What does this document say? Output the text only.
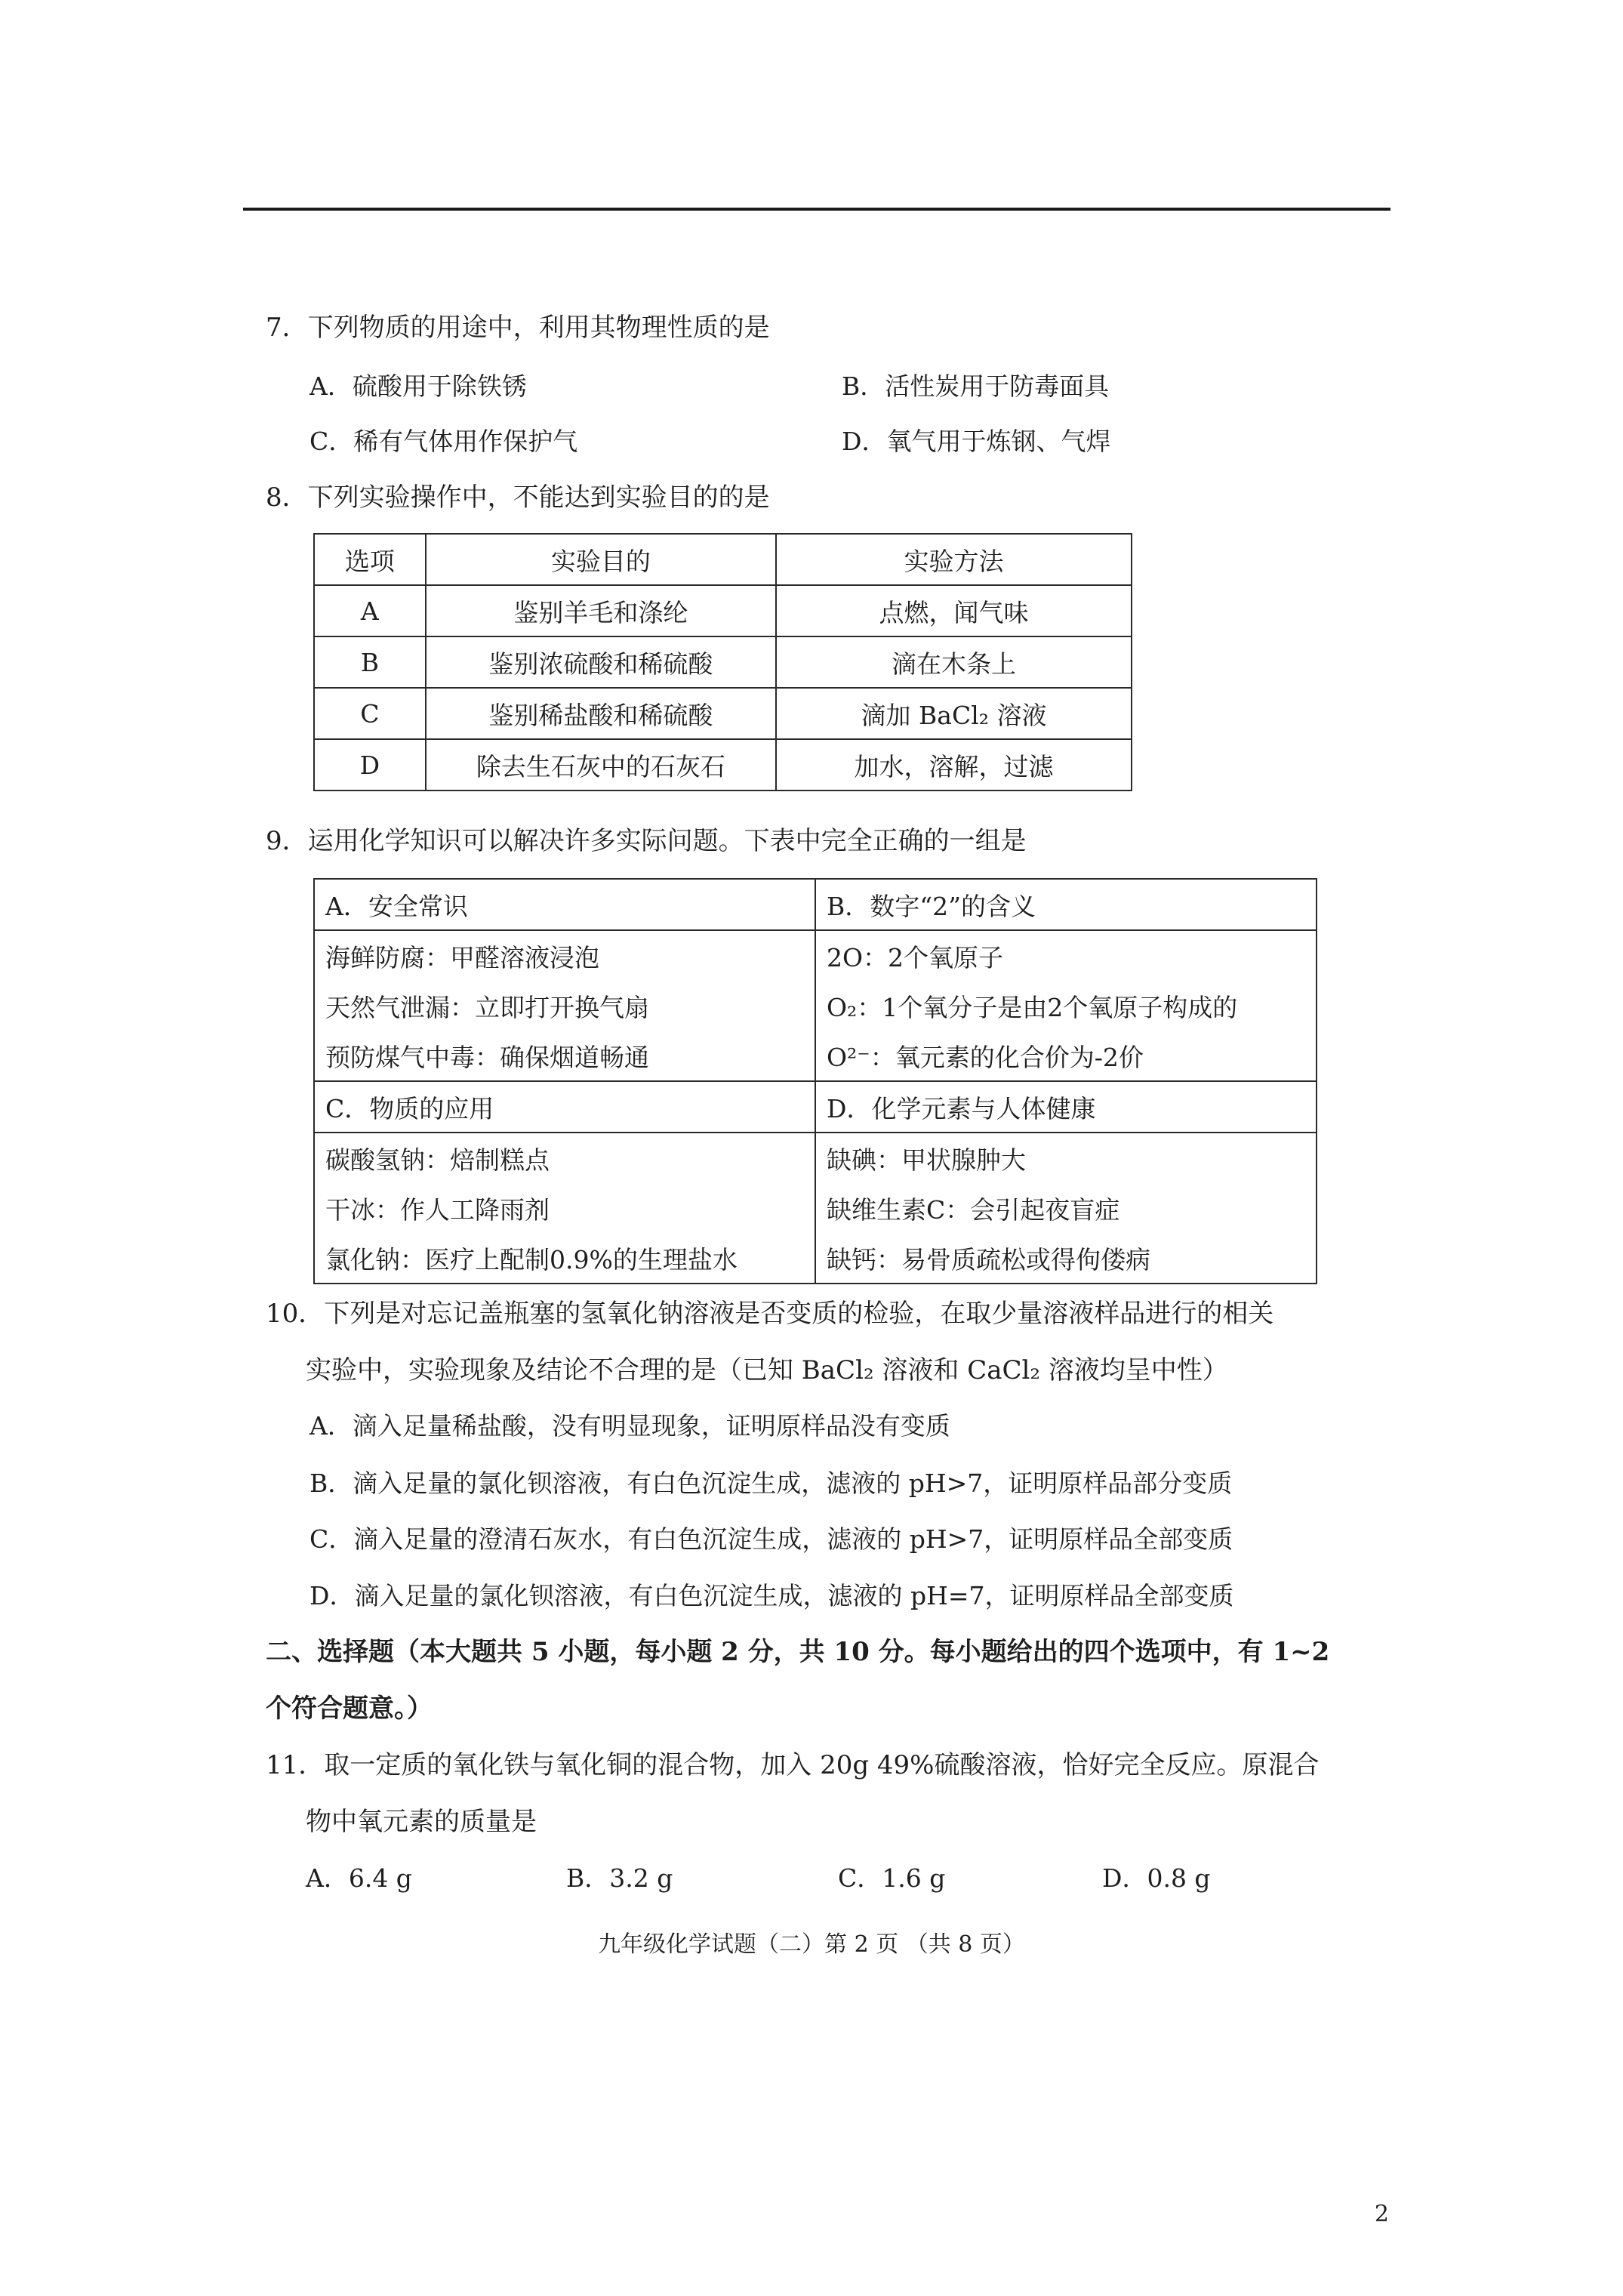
7．下列物质的用途中，利用其物理性质的是
A．硫酸用于除铁锈	B．活性炭用于防毒面具
C．稀有气体用作保护气	D．氧气用于炼钢、气焊
8．下列实验操作中，不能达到实验目的的是
选项	实验目的	实验方法
A	鉴别羊毛和涤纶	点燃，闻气味
B	鉴别浓硫酸和稀硫酸	滴在木条上
C	鉴别稀盐酸和稀硫酸	滴加 BaCl₂ 溶液
D	除去生石灰中的石灰石	加水，溶解，过滤
9．运用化学知识可以解决许多实际问题。下表中完全正确的一组是
A．安全常识	B．数字“2”的含义
海鲜防腐：甲醛溶液浸泡	2O：2个氧原子
天然气泄漏：立即打开换气扇	O₂：1个氧分子是由2个氧原子构成的
预防煤气中毒：确保烟道畅通	O²⁻：氧元素的化合价为-2价
C．物质的应用	D．化学元素与人体健康
碳酸氢钠：焙制糕点	缺碘：甲状腺肿大
干冰：作人工降雨剂	缺维生素C：会引起夜盲症
氯化钠：医疗上配制0.9%的生理盐水	缺钙：易骨质疏松或得佝偻病
10．下列是对忘记盖瓶塞的氢氧化钠溶液是否变质的检验，在取少量溶液样品进行的相关
实验中，实验现象及结论不合理的是（已知 BaCl₂ 溶液和 CaCl₂ 溶液均呈中性）
A．滴入足量稀盐酸，没有明显现象，证明原样品没有变质
B．滴入足量的氯化钡溶液，有白色沉淀生成，滤液的 pH>7，证明原样品部分变质
C．滴入足量的澄清石灰水，有白色沉淀生成，滤液的 pH>7，证明原样品全部变质
D．滴入足量的氯化钡溶液，有白色沉淀生成，滤液的 pH=7，证明原样品全部变质
二、选择题（本大题共 5 小题，每小题 2 分，共 10 分。每小题给出的四个选项中，有 1~2
个符合题意。）
11．取一定质的氧化铁与氧化铜的混合物，加入 20g 49%硫酸溶液，恰好完全反应。原混合
物中氧元素的质量是
A．6.4 g	B．3.2 g	C．1.6 g	D．0.8 g
九年级化学试题（二）第 2 页 （共 8 页）
2
